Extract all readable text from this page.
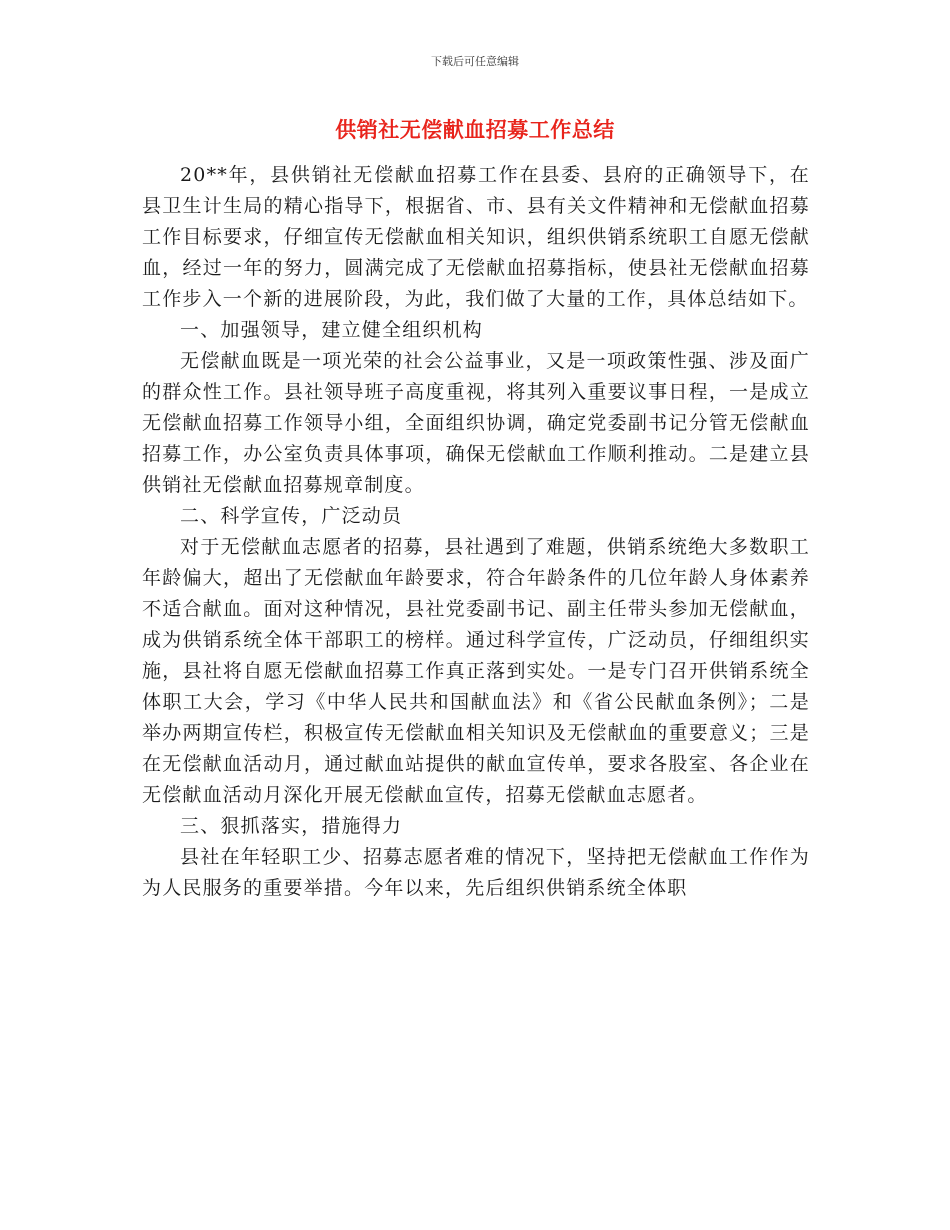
下载后可任意编辑
供销社无偿献血招募工作总结

20**年，县供销社无偿献血招募工作在县委、县府的正确领导下，在县卫生计生局的精心指导下，根据省、市、县有关文件精神和无偿献血招募工作目标要求，仔细宣传无偿献血相关知识，组织供销系统职工自愿无偿献血，经过一年的努力，圆满完成了无偿献血招募指标，使县社无偿献血招募工作步入一个新的进展阶段，为此，我们做了大量的工作，具体总结如下。

一、加强领导，建立健全组织机构

无偿献血既是一项光荣的社会公益事业，又是一项政策性强、涉及面广的群众性工作。县社领导班子高度重视，将其列入重要议事日程，一是成立无偿献血招募工作领导小组，全面组织协调，确定党委副书记分管无偿献血招募工作，办公室负责具体事项，确保无偿献血工作顺利推动。二是建立县供销社无偿献血招募规章制度。

二、科学宣传，广泛动员

对于无偿献血志愿者的招募，县社遇到了难题，供销系统绝大多数职工年龄偏大，超出了无偿献血年龄要求，符合年龄条件的几位年龄人身体素养不适合献血。面对这种情况，县社党委副书记、副主任带头参加无偿献血，成为供销系统全体干部职工的榜样。通过科学宣传，广泛动员，仔细组织实施，县社将自愿无偿献血招募工作真正落到实处。一是专门召开供销系统全体职工大会，学习《中华人民共和国献血法》和《省公民献血条例》；二是举办两期宣传栏，积极宣传无偿献血相关知识及无偿献血的重要意义；三是在无偿献血活动月，通过献血站提供的献血宣传单，要求各股室、各企业在无偿献血活动月深化开展无偿献血宣传，招募无偿献血志愿者。

三、狠抓落实，措施得力

县社在年轻职工少、招募志愿者难的情况下，坚持把无偿献血工作作为为人民服务的重要举措。今年以来，先后组织供销系统全体职
